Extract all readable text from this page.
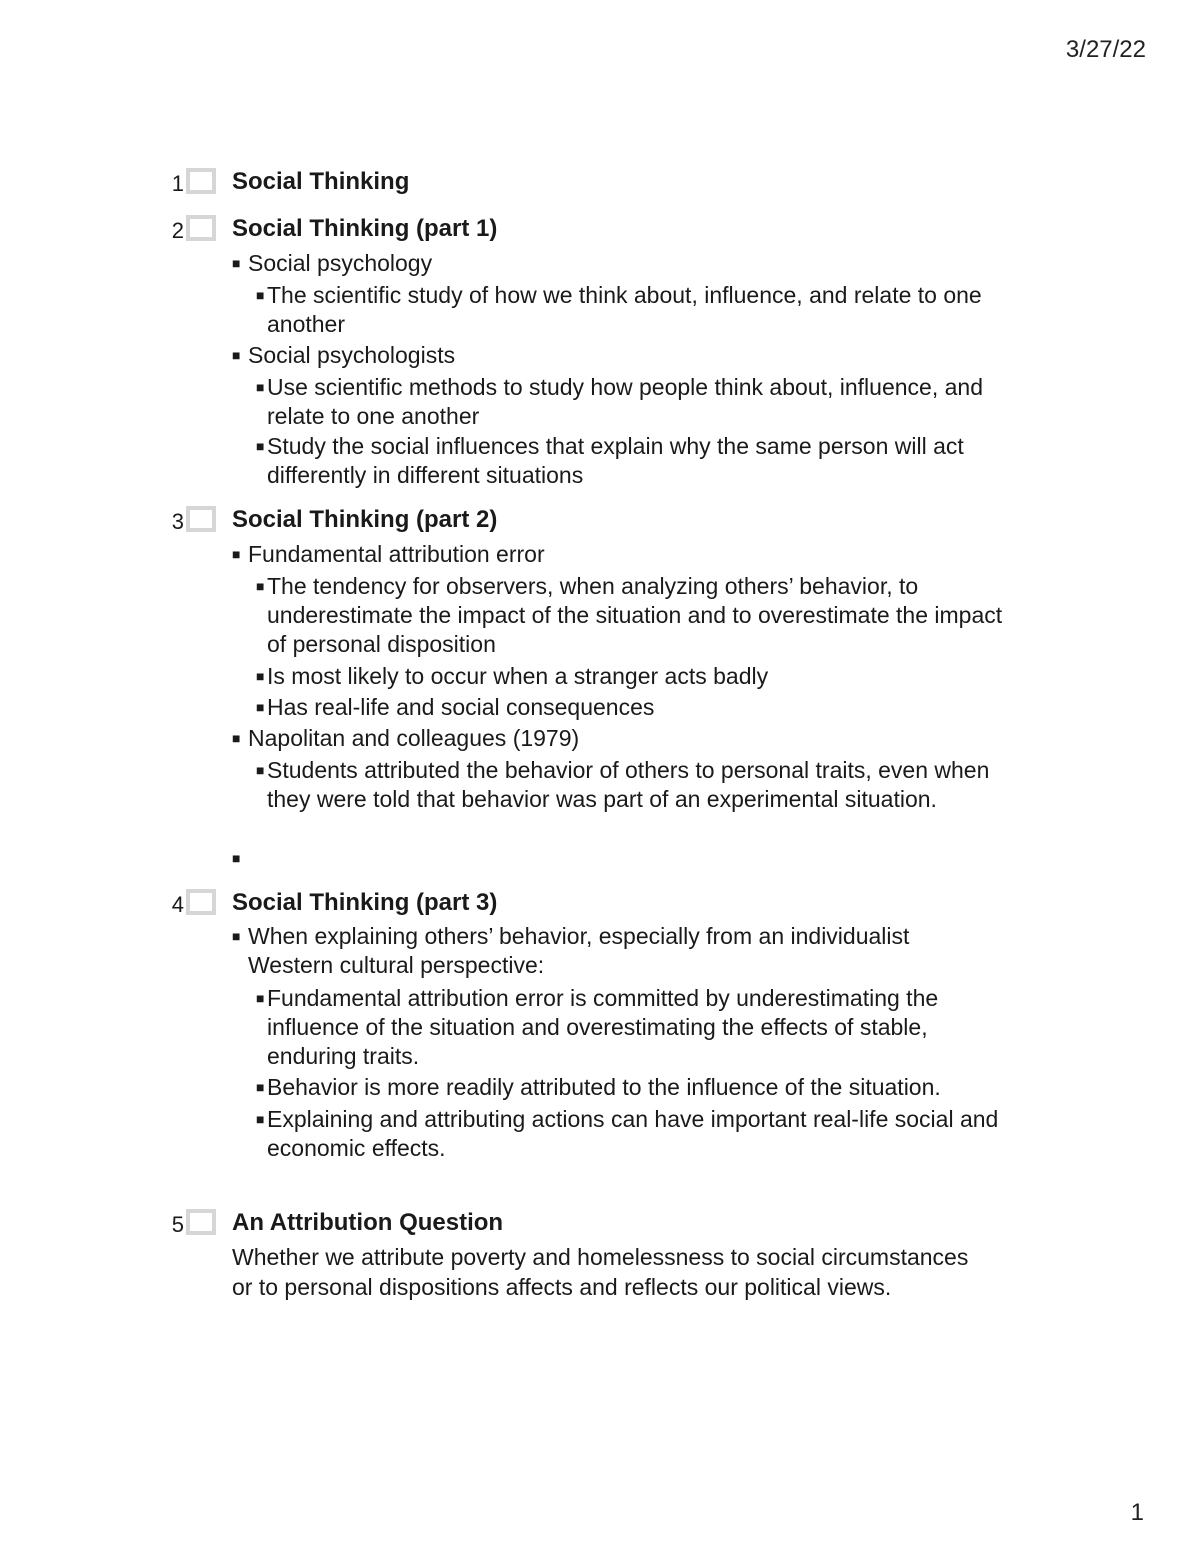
3/27/22
1 Social Thinking
2 Social Thinking (part 1)
■ Social psychology
■ The scientific study of how we think about, influence, and relate to one another
■ Social psychologists
■ Use scientific methods to study how people think about, influence, and relate to one another
■ Study the social influences that explain why the same person will act differently in different situations
3 Social Thinking (part 2)
■ Fundamental attribution error
■ The tendency for observers, when analyzing others’ behavior, to underestimate the impact of the situation and to overestimate the impact of personal disposition
■ Is most likely to occur when a stranger acts badly
■ Has real-life and social consequences
■ Napolitan and colleagues (1979)
■ Students attributed the behavior of others to personal traits, even when they were told that behavior was part of an experimental situation.
■
4 Social Thinking (part 3)
■ When explaining others’ behavior, especially from an individualist Western cultural perspective:
■ Fundamental attribution error is committed by underestimating the influence of the situation and overestimating the effects of stable, enduring traits.
■ Behavior is more readily attributed to the influence of the situation.
■ Explaining and attributing actions can have important real-life social and economic effects.
5 An Attribution Question
Whether we attribute poverty and homelessness to social circumstances or to personal dispositions affects and reflects our political views.
1
